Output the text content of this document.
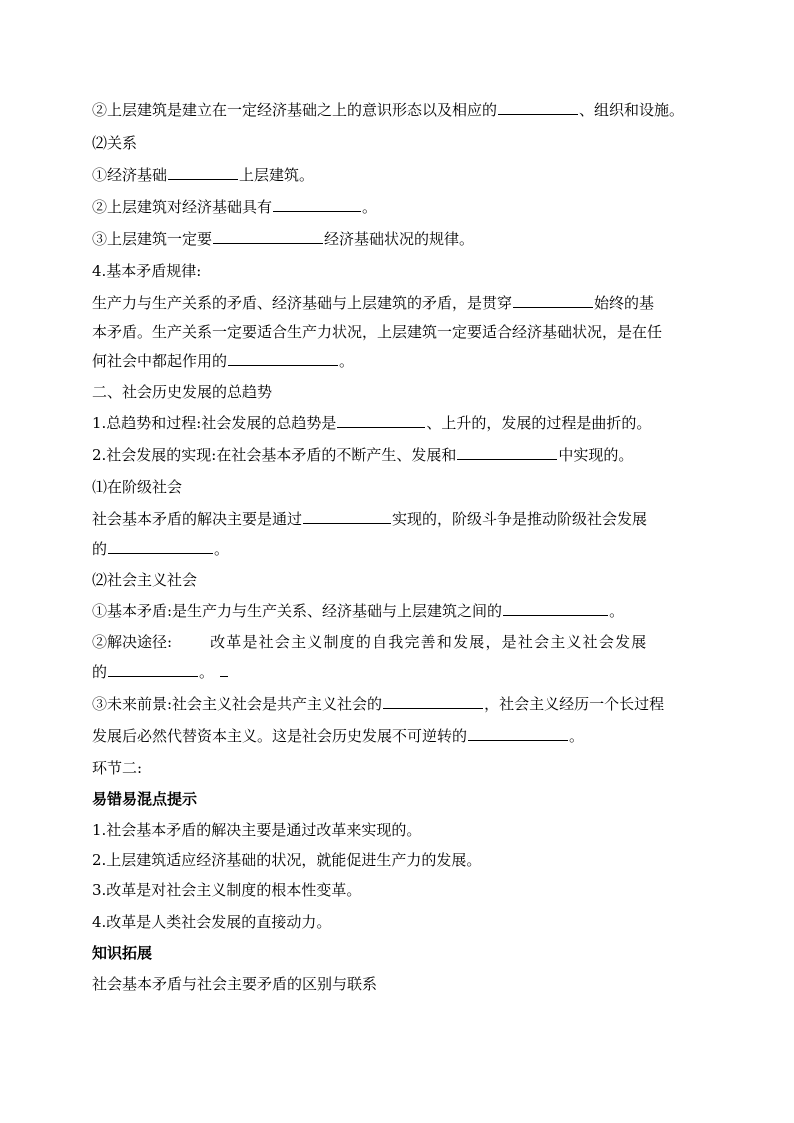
②上层建筑是建立在一定经济基础之上的意识形态以及相应的	、组织和设施。
⑵关系
①经济基础	上层建筑。
②上层建筑对经济基础具有	。
③上层建筑一定要	经济基础状况的规律。
4.基本矛盾规律:
生产力与生产关系的矛盾、经济基础与上层建筑的矛盾，是贯穿	始终的基
本矛盾。生产关系一定要适合生产力状况，上层建筑一定要适合经济基础状况，是在任
何社会中都起作用的	。
二、社会历史发展的总趋势
1.总趋势和过程:社会发展的总趋势是	、上升的，发展的过程是曲折的。
2.社会发展的实现:在社会基本矛盾的不断产生、发展和	中实现的。
⑴在阶级社会
社会基本矛盾的解决主要是通过	实现的，阶级斗争是推动阶级社会发展
的	。
⑵社会主义社会
①基本矛盾:是生产力与生产关系、经济基础与上层建筑之间的	。
②解决途径:	改革是社会主义制度的自我完善和发展，是社会主义社会发展
的	。
③未来前景:社会主义社会是共产主义社会的	，社会主义经历一个长过程
发展后必然代替资本主义。这是社会历史发展不可逆转的	。
环节二:
易错易混点提示
1.社会基本矛盾的解决主要是通过改革来实现的。
2.上层建筑适应经济基础的状况，就能促进生产力的发展。
3.改革是对社会主义制度的根本性变革。
4.改革是人类社会发展的直接动力。
知识拓展
社会基本矛盾与社会主要矛盾的区别与联系
